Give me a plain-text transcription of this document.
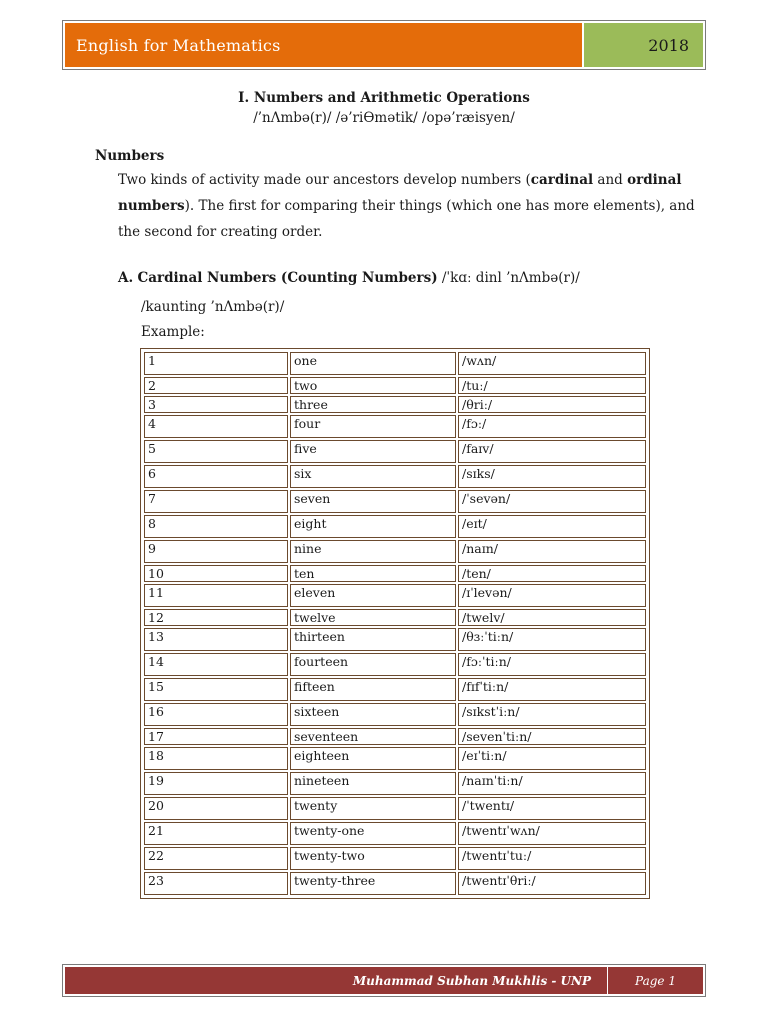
English for Mathematics	2018
I. Numbers and Arithmetic Operations
/’nɅmbə(r)/ /ə’riƟmətik/ /opə’ræisyen/
Numbers
Two kinds of activity made our ancestors develop numbers (cardinal and ordinal numbers). The first for comparing their things (which one has more elements), and the second for creating order.
A. Cardinal Numbers (Counting Numbers) /ˈkɑː dinl ’nɅmbə(r)/
/kaunting ’nɅmbə(r)/
Example:
1	one	/wʌn/
2	two	/tuː/
3	three	/θriː/
4	four	/fɔː/
5	five	/faɪv/
6	six	/sɪks/
7	seven	/ˈsevən/
8	eight	/eɪt/
9	nine	/naɪn/
10	ten	/ten/
11	eleven	/ɪˈlevən/
12	twelve	/twelv/
13	thirteen	/θɜːˈtiːn/
14	fourteen	/fɔːˈtiːn/
15	fifteen	/fɪfˈtiːn/
16	sixteen	/sɪkstˈiːn/
17	seventeen	/sevenˈtiːn/
18	eighteen	/eɪˈtiːn/
19	nineteen	/naɪnˈtiːn/
20	twenty	/ˈtwentɪ/
21	twenty-one	/twentɪˈwʌn/
22	twenty-two	/twentɪˈtuː/
23	twenty-three	/twentɪˈθriː/
Muhammad Subhan Mukhlis - UNP	Page 1
